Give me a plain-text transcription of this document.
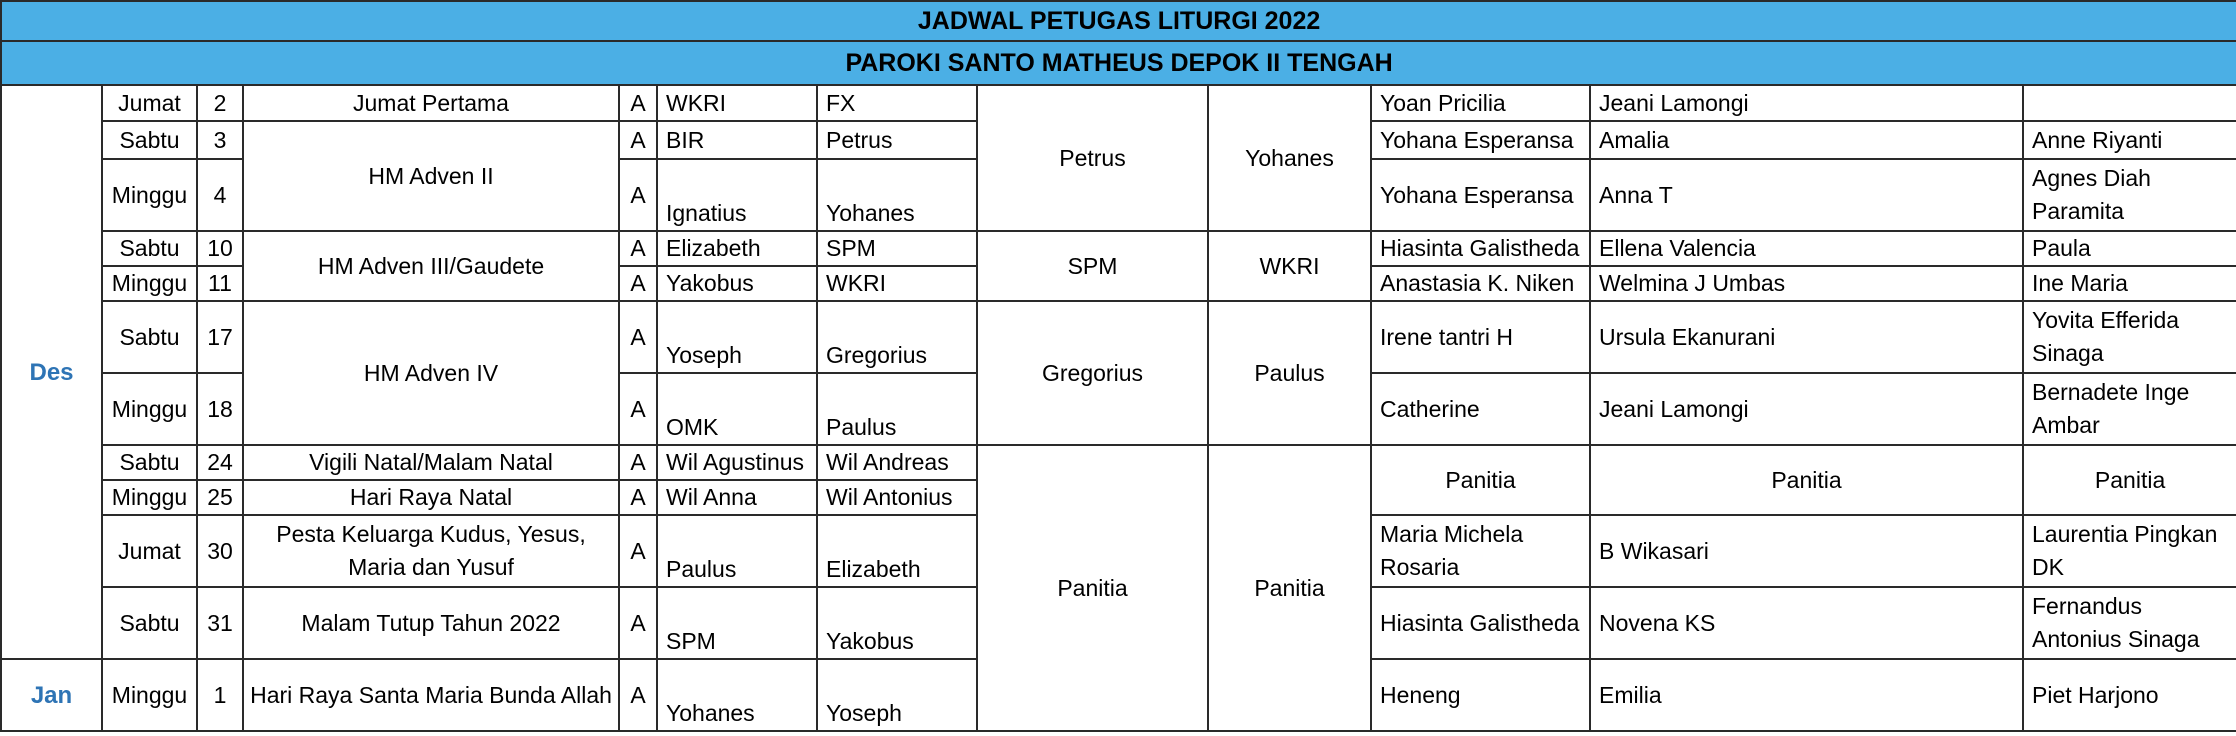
JADWAL PETUGAS LITURGI 2022											
PAROKI SANTO MATHEUS DEPOK II TENGAH											
Des	Jumat	2	Jumat Pertama	A	WKRI	FX	Petrus	Yohanes	Yoan Pricilia	Jeani Lamongi	
	Sabtu	3	HM Adven II	A	BIR	Petrus			Yohana Esperansa	Amalia	Anne Riyanti
	Minggu	4		A	Ignatius	Yohanes			Yohana Esperansa	Anna T	Agnes Diah Paramita
	Sabtu	10	HM Adven III/Gaudete	A	Elizabeth	SPM	SPM	WKRI	Hiasinta Galistheda	Ellena Valencia	Paula
	Minggu	11		A	Yakobus	WKRI			Anastasia K. Niken	Welmina J Umbas	Ine Maria
	Sabtu	17	HM Adven IV	A	Yoseph	Gregorius	Gregorius	Paulus	Irene tantri H	Ursula Ekanurani	Yovita Efferida Sinaga
	Minggu	18		A	OMK	Paulus			Catherine	Jeani Lamongi	Bernadete Inge Ambar
	Sabtu	24	Vigili Natal/Malam Natal	A	Wil Agustinus	Wil Andreas	Panitia	Panitia	Panitia	Panitia	Panitia
	Minggu	25	Hari Raya Natal	A	Wil Anna	Wil Antonius					
	Jumat	30	Pesta Keluarga Kudus, Yesus, Maria dan Yusuf	A	Paulus	Elizabeth			Maria Michela Rosaria	B Wikasari	Laurentia Pingkan DK
	Sabtu	31	Malam Tutup Tahun 2022	A	SPM	Yakobus			Hiasinta Galistheda	Novena KS	Fernandus Antonius Sinaga
Jan	Minggu	1	Hari Raya Santa Maria Bunda Allah	A	Yohanes	Yoseph			Heneng	Emilia	Piet Harjono
